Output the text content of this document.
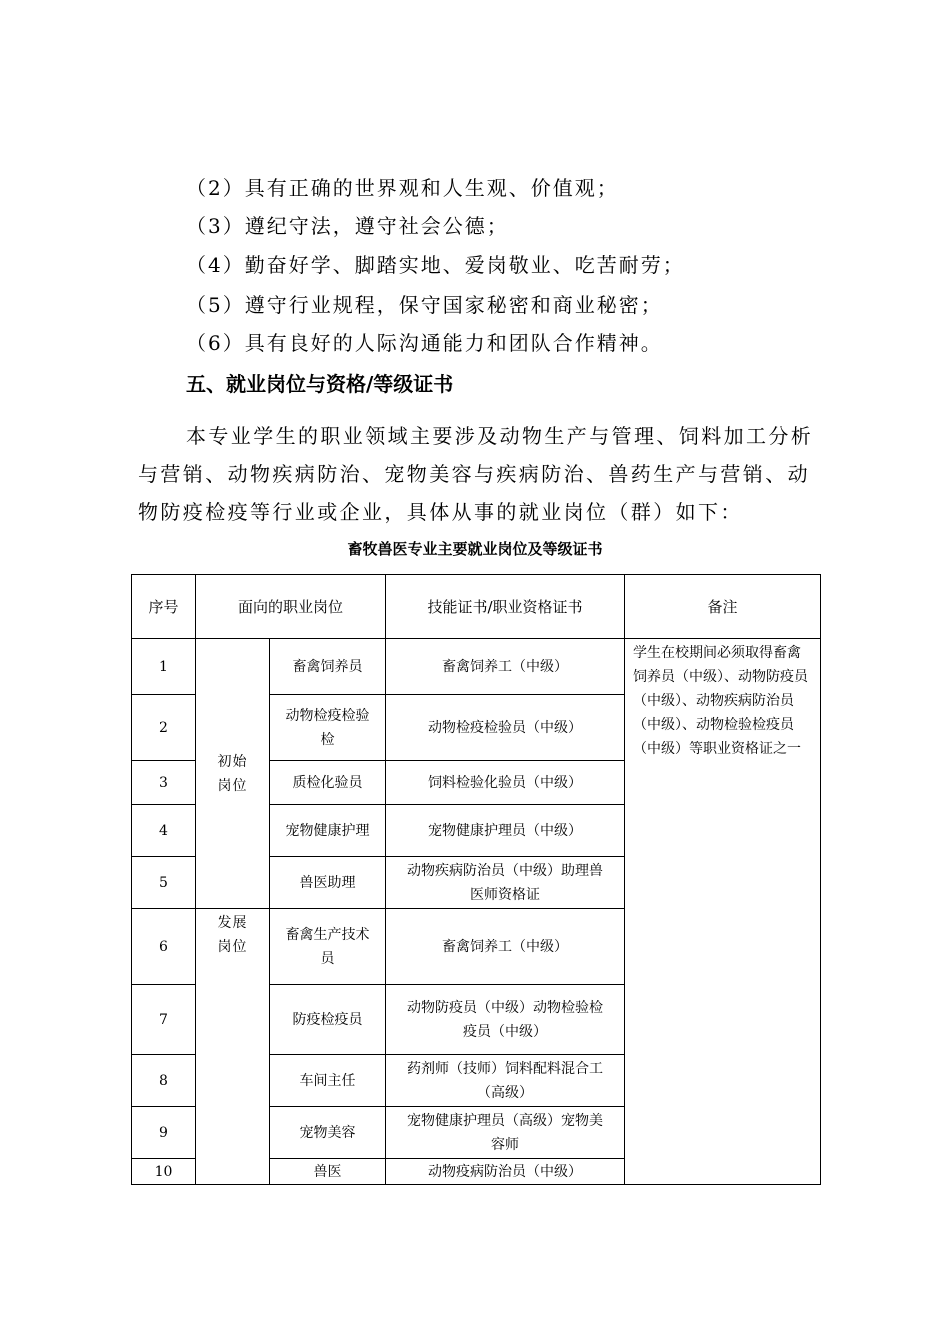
（2）具有正确的世界观和人生观、价值观；
（3）遵纪守法，遵守社会公德；
（4）勤奋好学、脚踏实地、爱岗敬业、吃苦耐劳；
（5）遵守行业规程，保守国家秘密和商业秘密；
（6）具有良好的人际沟通能力和团队合作精神。
五、就业岗位与资格/等级证书
本专业学生的职业领域主要涉及动物生产与管理、饲料加工分析
与营销、动物疾病防治、宠物美容与疾病防治、兽药生产与营销、动
物防疫检疫等行业或企业，具体从事的就业岗位（群）如下：
畜牧兽医专业主要就业岗位及等级证书
序号	面向的职业岗位		技能证书/职业资格证书	备注
1	初始岗位	畜禽饲养员	畜禽饲养工（中级）	学生在校期间必须取得畜禽饲养员（中级）、动物防疫员（中级）、动物疾病防治员（中级）、动物检验检疫员（中级）等职业资格证之一
2		动物检疫检验检	动物检疫检验员（中级）	
3		质检化验员	饲料检验化验员（中级）	
4		宠物健康护理	宠物健康护理员（中级）	
5		兽医助理	动物疾病防治员（中级）助理兽医师资格证	
6	发展岗位	畜禽生产技术员	畜禽饲养工（中级）	
7		防疫检疫员	动物防疫员（中级）动物检验检疫员（中级）	
8		车间主任	药剂师（技师）饲料配料混合工（高级）	
9		宠物美容	宠物健康护理员（高级）宠物美容师	
10		兽医	动物疫病防治员（中级）	
